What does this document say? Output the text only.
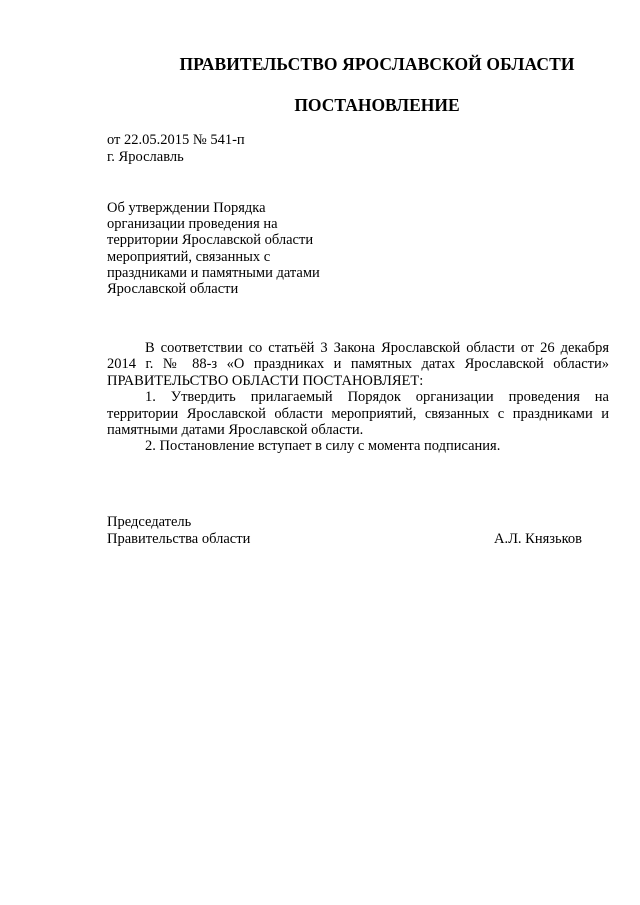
ПРАВИТЕЛЬСТВО ЯРОСЛАВСКОЙ ОБЛАСТИ
ПОСТАНОВЛЕНИЕ
от 22.05.2015 № 541-п
г. Ярославль
Об утверждении Порядка
организации проведения на
территории Ярославской области
мероприятий, связанных с
праздниками и памятными датами
Ярославской области
В соответствии со статьёй 3 Закона Ярославской области от 26 декабря
2014 г. № 88-з «О праздниках и памятных датах Ярославской области»
ПРАВИТЕЛЬСТВО ОБЛАСТИ ПОСТАНОВЛЯЕТ:
1. Утвердить прилагаемый Порядок организации проведения на
территории Ярославской области мероприятий, связанных с праздниками и
памятными датами Ярославской области.
2. Постановление вступает в силу с момента подписания.
Председатель
Правительства области	А.Л. Князьков
